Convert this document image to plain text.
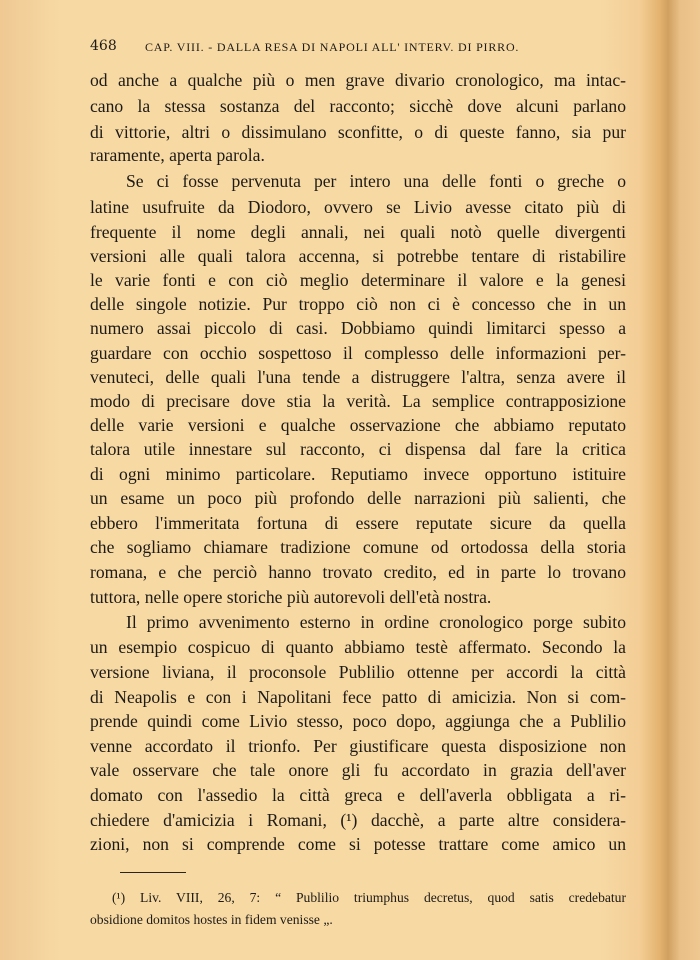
468 CAP. VIII. - DALLA RESA DI NAPOLI ALL' INTERV. DI PIRRO.
od anche a qualche più o men grave divario cronologico, ma intac-
cano la stessa sostanza del racconto; sicchè dove alcuni parlano
di vittorie, altri o dissimulano sconfitte, o di queste fanno, sia pur
raramente, aperta parola.
Se ci fosse pervenuta per intero una delle fonti o greche o
latine usufruite da Diodoro, ovvero se Livio avesse citato più di
frequente il nome degli annali, nei quali notò quelle divergenti
versioni alle quali talora accenna, si potrebbe tentare di ristabilire
le varie fonti e con ciò meglio determinare il valore e la genesi
delle singole notizie. Pur troppo ciò non ci è concesso che in un
numero assai piccolo di casi. Dobbiamo quindi limitarci spesso a
guardare con occhio sospettoso il complesso delle informazioni per-
venuteci, delle quali l'una tende a distruggere l'altra, senza avere il
modo di precisare dove stia la verità. La semplice contrapposizione
delle varie versioni e qualche osservazione che abbiamo reputato
talora utile innestare sul racconto, ci dispensa dal fare la critica
di ogni minimo particolare. Reputiamo invece opportuno istituire
un esame un poco più profondo delle narrazioni più salienti, che
ebbero l'immeritata fortuna di essere reputate sicure da quella
che sogliamo chiamare tradizione comune od ortodossa della storia
romana, e che perciò hanno trovato credito, ed in parte lo trovano
tuttora, nelle opere storiche più autorevoli dell'età nostra.
Il primo avvenimento esterno in ordine cronologico porge subito
un esempio cospicuo di quanto abbiamo testè affermato. Secondo la
versione liviana, il proconsole Publilio ottenne per accordi la città
di Neapolis e con i Napolitani fece patto di amicizia. Non si com-
prende quindi come Livio stesso, poco dopo, aggiunga che a Publilio
venne accordato il trionfo. Per giustificare questa disposizione non
vale osservare che tale onore gli fu accordato in grazia dell'aver
domato con l'assedio la città greca e dell'averla obbligata a ri-
chiedere d'amicizia i Romani, (¹) dacchè, a parte altre considera-
zioni, non si comprende come si potesse trattare come amico un
(¹) Liv. VIII, 26, 7: “ Publilio triumphus decretus, quod satis credebatur
obsidione domitos hostes in fidem venisse „.
